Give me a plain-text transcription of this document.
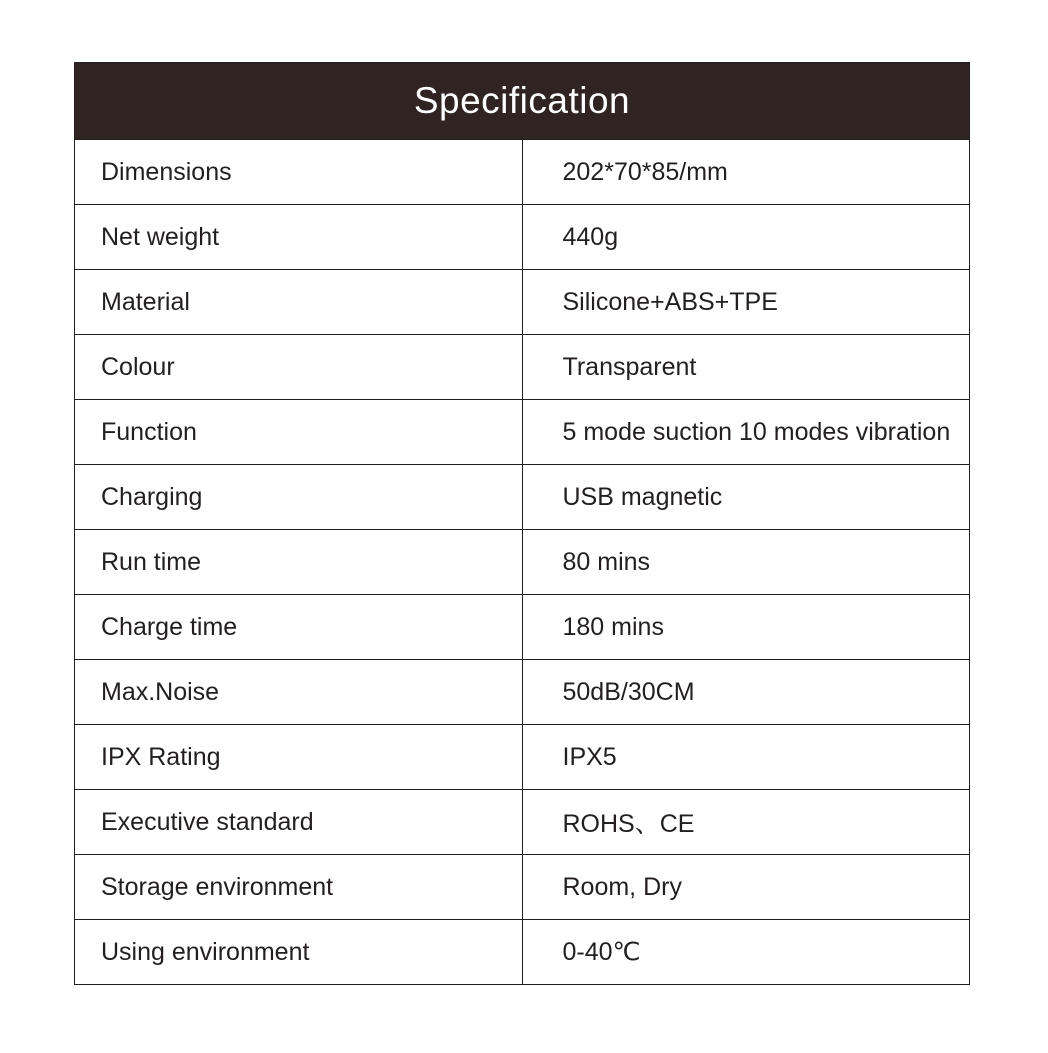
Specification	
Dimensions	202*70*85/mm
Net weight	440g
Material	Silicone+ABS+TPE
Colour	Transparent
Function	5 mode suction 10 modes vibration
Charging	USB magnetic
Run time	80 mins
Charge time	180 mins
Max.Noise	50dB/30CM
IPX Rating	IPX5
Executive standard	ROHS、CE
Storage environment	Room, Dry
Using environment	0-40℃
